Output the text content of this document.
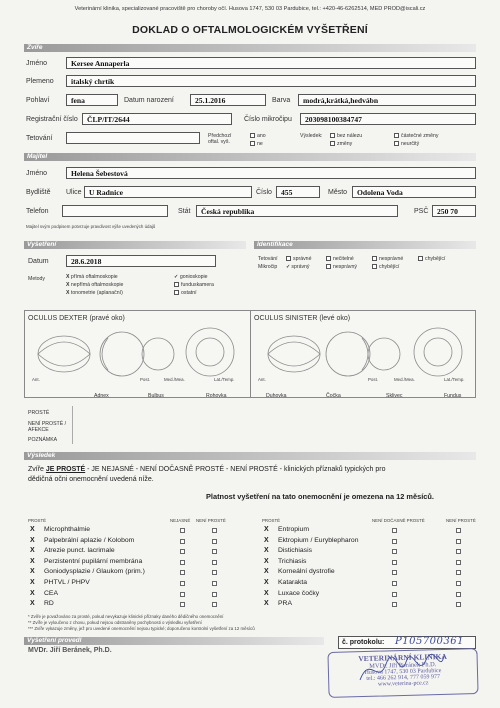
Veterinární klinika, specializované pracoviště pro choroby očí. Husova 1747, 530 03 Pardubice, tel.: +420-46-6262514, MED PROD@iscali.cz
DOKLAD O OFTALMOLOGICKÉM VYŠETŘENÍ
Zvíře
Jméno	Kersee Annaperla
Plemeno	italský chrtík
Pohlaví	fena	Datum narození	25.1.2016	Barva	modrá,krátká,hedvábn
Registrační číslo	ČLP/IT/2644	Číslo mikročipu	203098100384747
Tetování	Předchozí oftal. vyš.
ano
ne
Výsledek:	bez nálezu
změny
částečné změny
neurčitý
Majitel
Jméno	Helena Šebestová
Bydliště Ulice U Radnice	Číslo	455	Město	Odolena Voda
Telefon	Stát	Česká republika	PSČ	250 70
Majitel svým podpisem potvrzuje pravdivost výše uvedených údajů
Vyšetření	Identifikace
Datum	28.6.2018
Metody	X přímá oftalmoskopie
X nepřímá oftalmoskopie
X tonometrie (aplanační)
✓ gonioskopie
funduskamera
ostatní
Tetování
Mikročip
správné	nečitelné	nesprávné	chybějící
✓správný	nesprávný	chybějící
OCULUS DEXTER (pravé oko)	OCULUS SINISTER (levé oko)
Ant.	Post.	Med./Mea.	Lat./Temp.	Ant.	Post.	Med./Mea.	Lat./Temp.
Adnex	Bulbus	Rohovka	Duhovka	Čočka	Sklivec	Fundus
PROSTÉ
NENÍ PROSTÉ / AFEKCE
POZNÁMKA
Výsledek
Zvíře JE PROSTÉ - JE NEJASNÉ - NENÍ DOČASNĚ PROSTÉ - NENÍ PROSTÉ - klinických příznaků typických pro
dědičná očni onemocnění uvedená níže.
Platnost vyšetření na tato onemocnění je omezena na 12 měsíců.
PROSTÉ	NEJASNÉ NENÍ PROSTÉ	PROSTÉ	NENÍ DOČASNĚ PROSTÉ	NENÍ PROSTÉ
X Microphthalmie
X Palpebrální aplazie / Kolobom
X Atrezie punct. lacrimale
X Perzistentní pupilární membrána
X Goniodysplazie / Glaukom (prim.)
X PHTVL / PHPV
X CEA
X RD
X Entropium
X Ektropium / Euryblepharon
X Distichiasis
X Trichiasis
X Korneální dystrofie
X Katarakta
X Luxace čočky
X PRA
* Zvíře je považováno za prosté, pokud nevykazuje klinické příznaky daného dědičného onemocnění
** Zvíře je vyloučeno z chovu, pokud nejsou odstraněny pochybnosti o výsledku vyšetření
*** Zvíře vykazuje změny, jež pro uvedené onemocnění nejsou typické; doporučeno kontrolní vyšetření za 12 měsíců
Vyšetření provedl
MVDr. Jiří Beránek, Ph.D.
č. protokolu: P105700361
VETERINÁRNÍ KLINIKA
MVDr. Jiří Beránek Ph.D.
Husova 1747, 530 03 Pardubice
tel.: 466 262 914, 777 059 977
www.veterina-pce.cz
